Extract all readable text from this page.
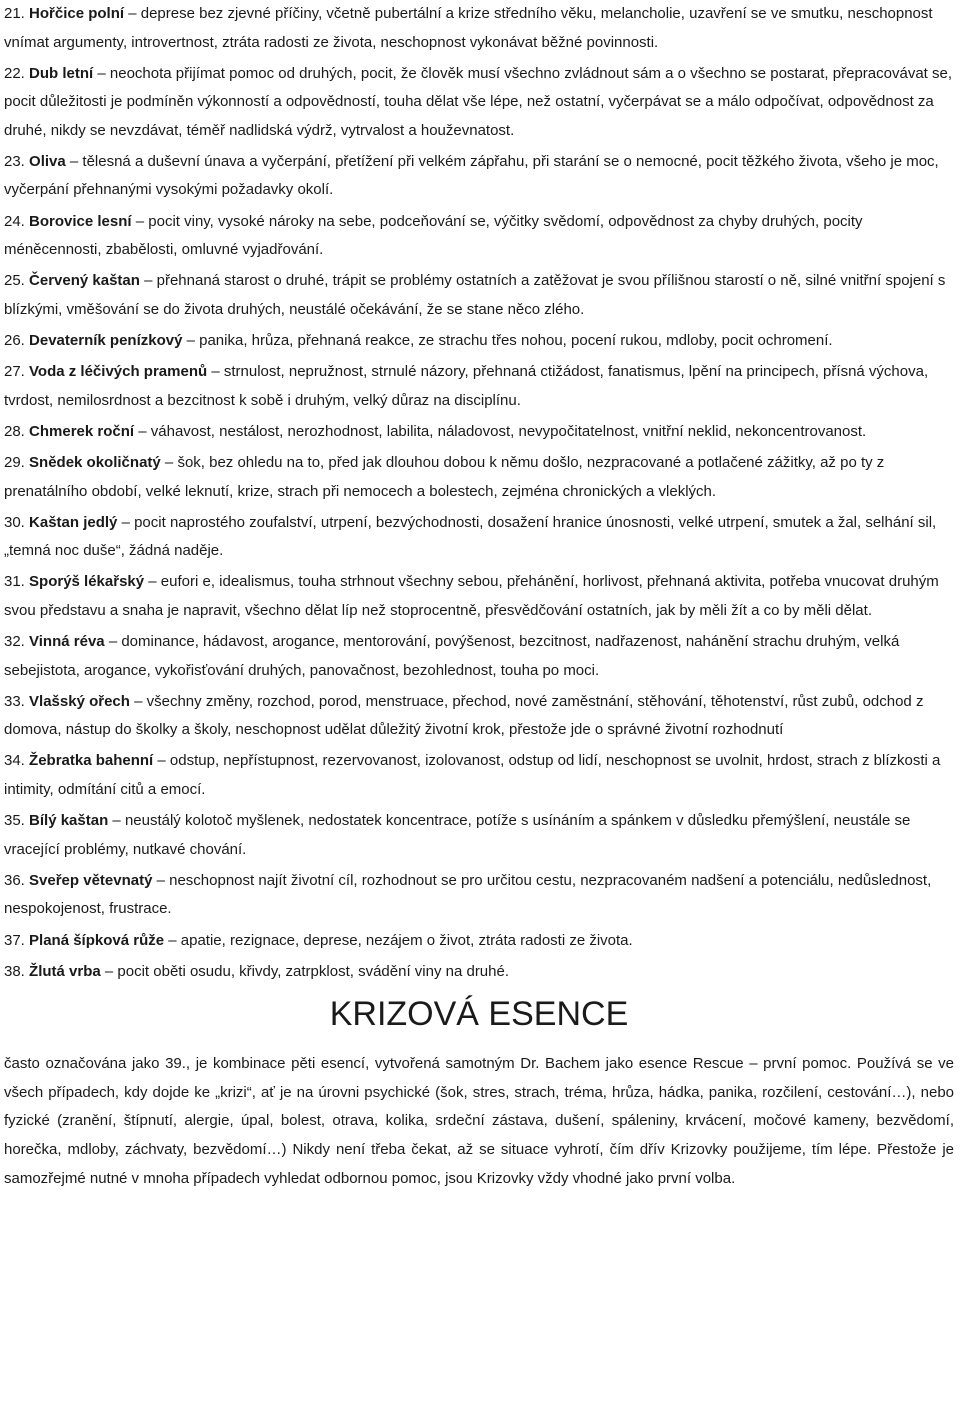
21. Hořčice polní – deprese bez zjevné příčiny, včetně pubertální a krize středního věku, melancholie, uzavření se ve smutku, neschopnost vnímat argumenty, introvertnost, ztráta radosti ze života, neschopnost vykonávat běžné povinnosti.

22. Dub letní – neochota přijímat pomoc od druhých, pocit, že člověk musí všechno zvládnout sám a o všechno se postarat, přepracovávat se, pocit důležitosti je podmíněn výkonností a odpovědností, touha dělat vše lépe, než ostatní, vyčerpávat se a málo odpočívat, odpovědnost za druhé, nikdy se nevzdávat, téměř nadlidská výdrž, vytrvalost a houževnatost.

23. Oliva – tělesná a duševní únava a vyčerpání, přetížení při velkém zápřahu, při starání se o nemocné, pocit těžkého života, všeho je moc, vyčerpání přehnanými vysokými požadavky okolí.

24. Borovice lesní – pocit viny, vysoké nároky na sebe, podceňování se, výčitky svědomí, odpovědnost za chyby druhých, pocity méněcennosti, zbabělosti, omluvné vyjadřování.

25. Červený kaštan – přehnaná starost o druhé, trápit se problémy ostatních a zatěžovat je svou přílišnou starostí o ně, silné vnitřní spojení s blízkými, vměšování se do života druhých, neustálé očekávání, že se stane něco zlého.

26. Devaterník penízkový – panika, hrůza, přehnaná reakce, ze strachu třes nohou, pocení rukou, mdloby, pocit ochromení.

27. Voda z léčivých pramenů – strnulost, nepružnost, strnulé názory, přehnaná ctižádost, fanatismus, lpění na principech, přísná výchova, tvrdost, nemilosrdnost a bezcitnost k sobě i druhým, velký důraz na disciplínu.

28. Chmerek roční – váhavost, nestálost, nerozhodnost, labilita, náladovost, nevypočitatelnost, vnitřní neklid, nekoncentrovanost.

29. Snědek okoličnatý – šok, bez ohledu na to, před jak dlouhou dobou k němu došlo, nezpracované a potlačené zážitky, až po ty z prenatálního období, velké leknutí, krize, strach při nemocech a bolestech, zejména chronických a vleklých.

30. Kaštan jedlý – pocit naprostého zoufalství, utrpení, bezvýchodnosti, dosažení hranice únosnosti, velké utrpení, smutek a žal, selhání sil, „temná noc duše“, žádná naděje.

31. Sporýš lékařský – eufori e, idealismus, touha strhnout všechny sebou, přehánění, horlivost, přehnaná aktivita, potřeba vnucovat druhým svou představu a snaha je napravit, všechno dělat líp než stoprocentně, přesvědčování ostatních, jak by měli žít a co by měli dělat.

32. Vinná réva – dominance, hádavost, arogance, mentorování, povýšenost, bezcitnost, nadřazenost, nahánění strachu druhým, velká sebejistota, arogance, vykořisťování druhých, panovačnost, bezohlednost, touha po moci.

33. Vlašský ořech – všechny změny, rozchod, porod, menstruace, přechod, nové zaměstnání, stěhování, těhotenství, růst zubů, odchod z domova, nástup do školky a školy, neschopnost udělat důležitý životní krok, přestože jde o správné životní rozhodnutí

34. Žebratka bahenní – odstup, nepřístupnost, rezervovanost, izolovanost, odstup od lidí, neschopnost se uvolnit, hrdost, strach z blízkosti a intimity, odmítání citů a emocí.

35. Bílý kaštan – neustálý kolotoč myšlenek, nedostatek koncentrace, potíže s usínáním a spánkem v důsledku přemýšlení, neustále se vracející problémy, nutkavé chování.

36. Sveřep větevnatý – neschopnost najít životní cíl, rozhodnout se pro určitou cestu, nezpracovaném nadšení a potenciálu, nedůslednost, nespokojenost, frustrace.

37. Planá šípková růže – apatie, rezignace, deprese, nezájem o život, ztráta radosti ze života.

38. Žlutá vrba – pocit oběti osudu, křivdy, zatrpklost, svádění viny na druhé.

KRIZOVÁ ESENCE

často označována jako 39., je kombinace pěti esencí, vytvořená samotným Dr. Bachem jako esence Rescue – první pomoc. Používá se ve všech případech, kdy dojde ke „krizi“, ať je na úrovni psychické (šok, stres, strach, tréma, hrůza, hádka, panika, rozčilení, cestování…), nebo fyzické (zranění, štípnutí, alergie, úpal, bolest, otrava, kolika, srdeční zástava, dušení, spáleniny, krvácení, močové kameny, bezvědomí, horečka, mdloby, záchvaty, bezvědomí…) Nikdy není třeba čekat, až se situace vyhrotí, čím dřív Krizovky použijeme, tím lépe. Přestože je samozřejmé nutné v mnoha případech vyhledat odbornou pomoc, jsou Krizovky vždy vhodné jako první volba.
